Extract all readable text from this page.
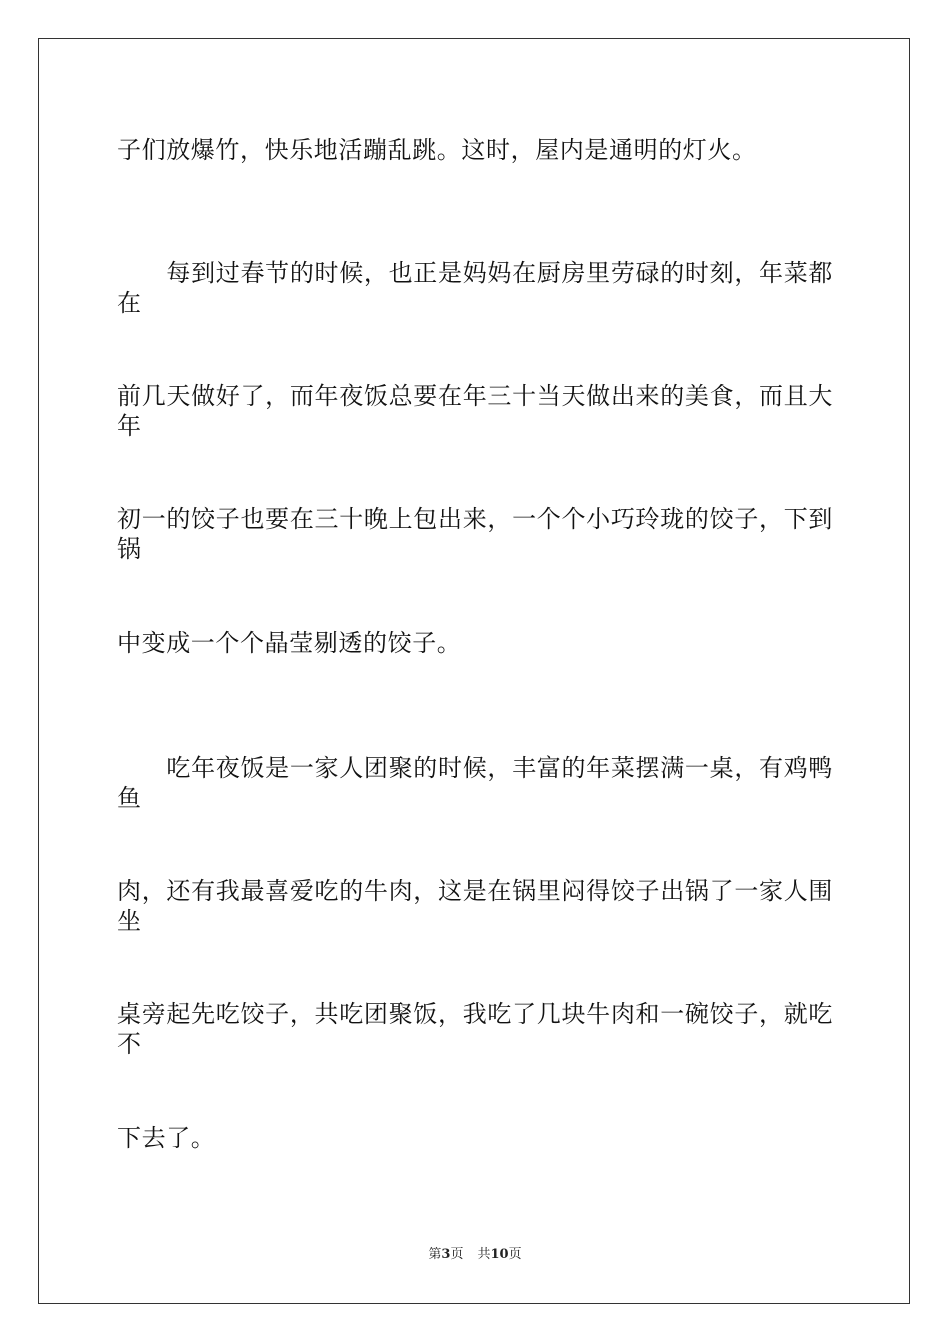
子们放爆竹，快乐地活蹦乱跳。这时，屋内是通明的灯火。
　　每到过春节的时候，也正是妈妈在厨房里劳碌的时刻，年菜都在
前几天做好了，而年夜饭总要在年三十当天做出来的美食，而且大年
初一的饺子也要在三十晚上包出来，一个个小巧玲珑的饺子，下到锅
中变成一个个晶莹剔透的饺子。
　　吃年夜饭是一家人团聚的时候，丰富的年菜摆满一桌，有鸡鸭鱼
肉，还有我最喜爱吃的牛肉，这是在锅里闷得饺子出锅了一家人围坐
桌旁起先吃饺子，共吃团聚饭，我吃了几块牛肉和一碗饺子，就吃不
下去了。
第3页 共10页
